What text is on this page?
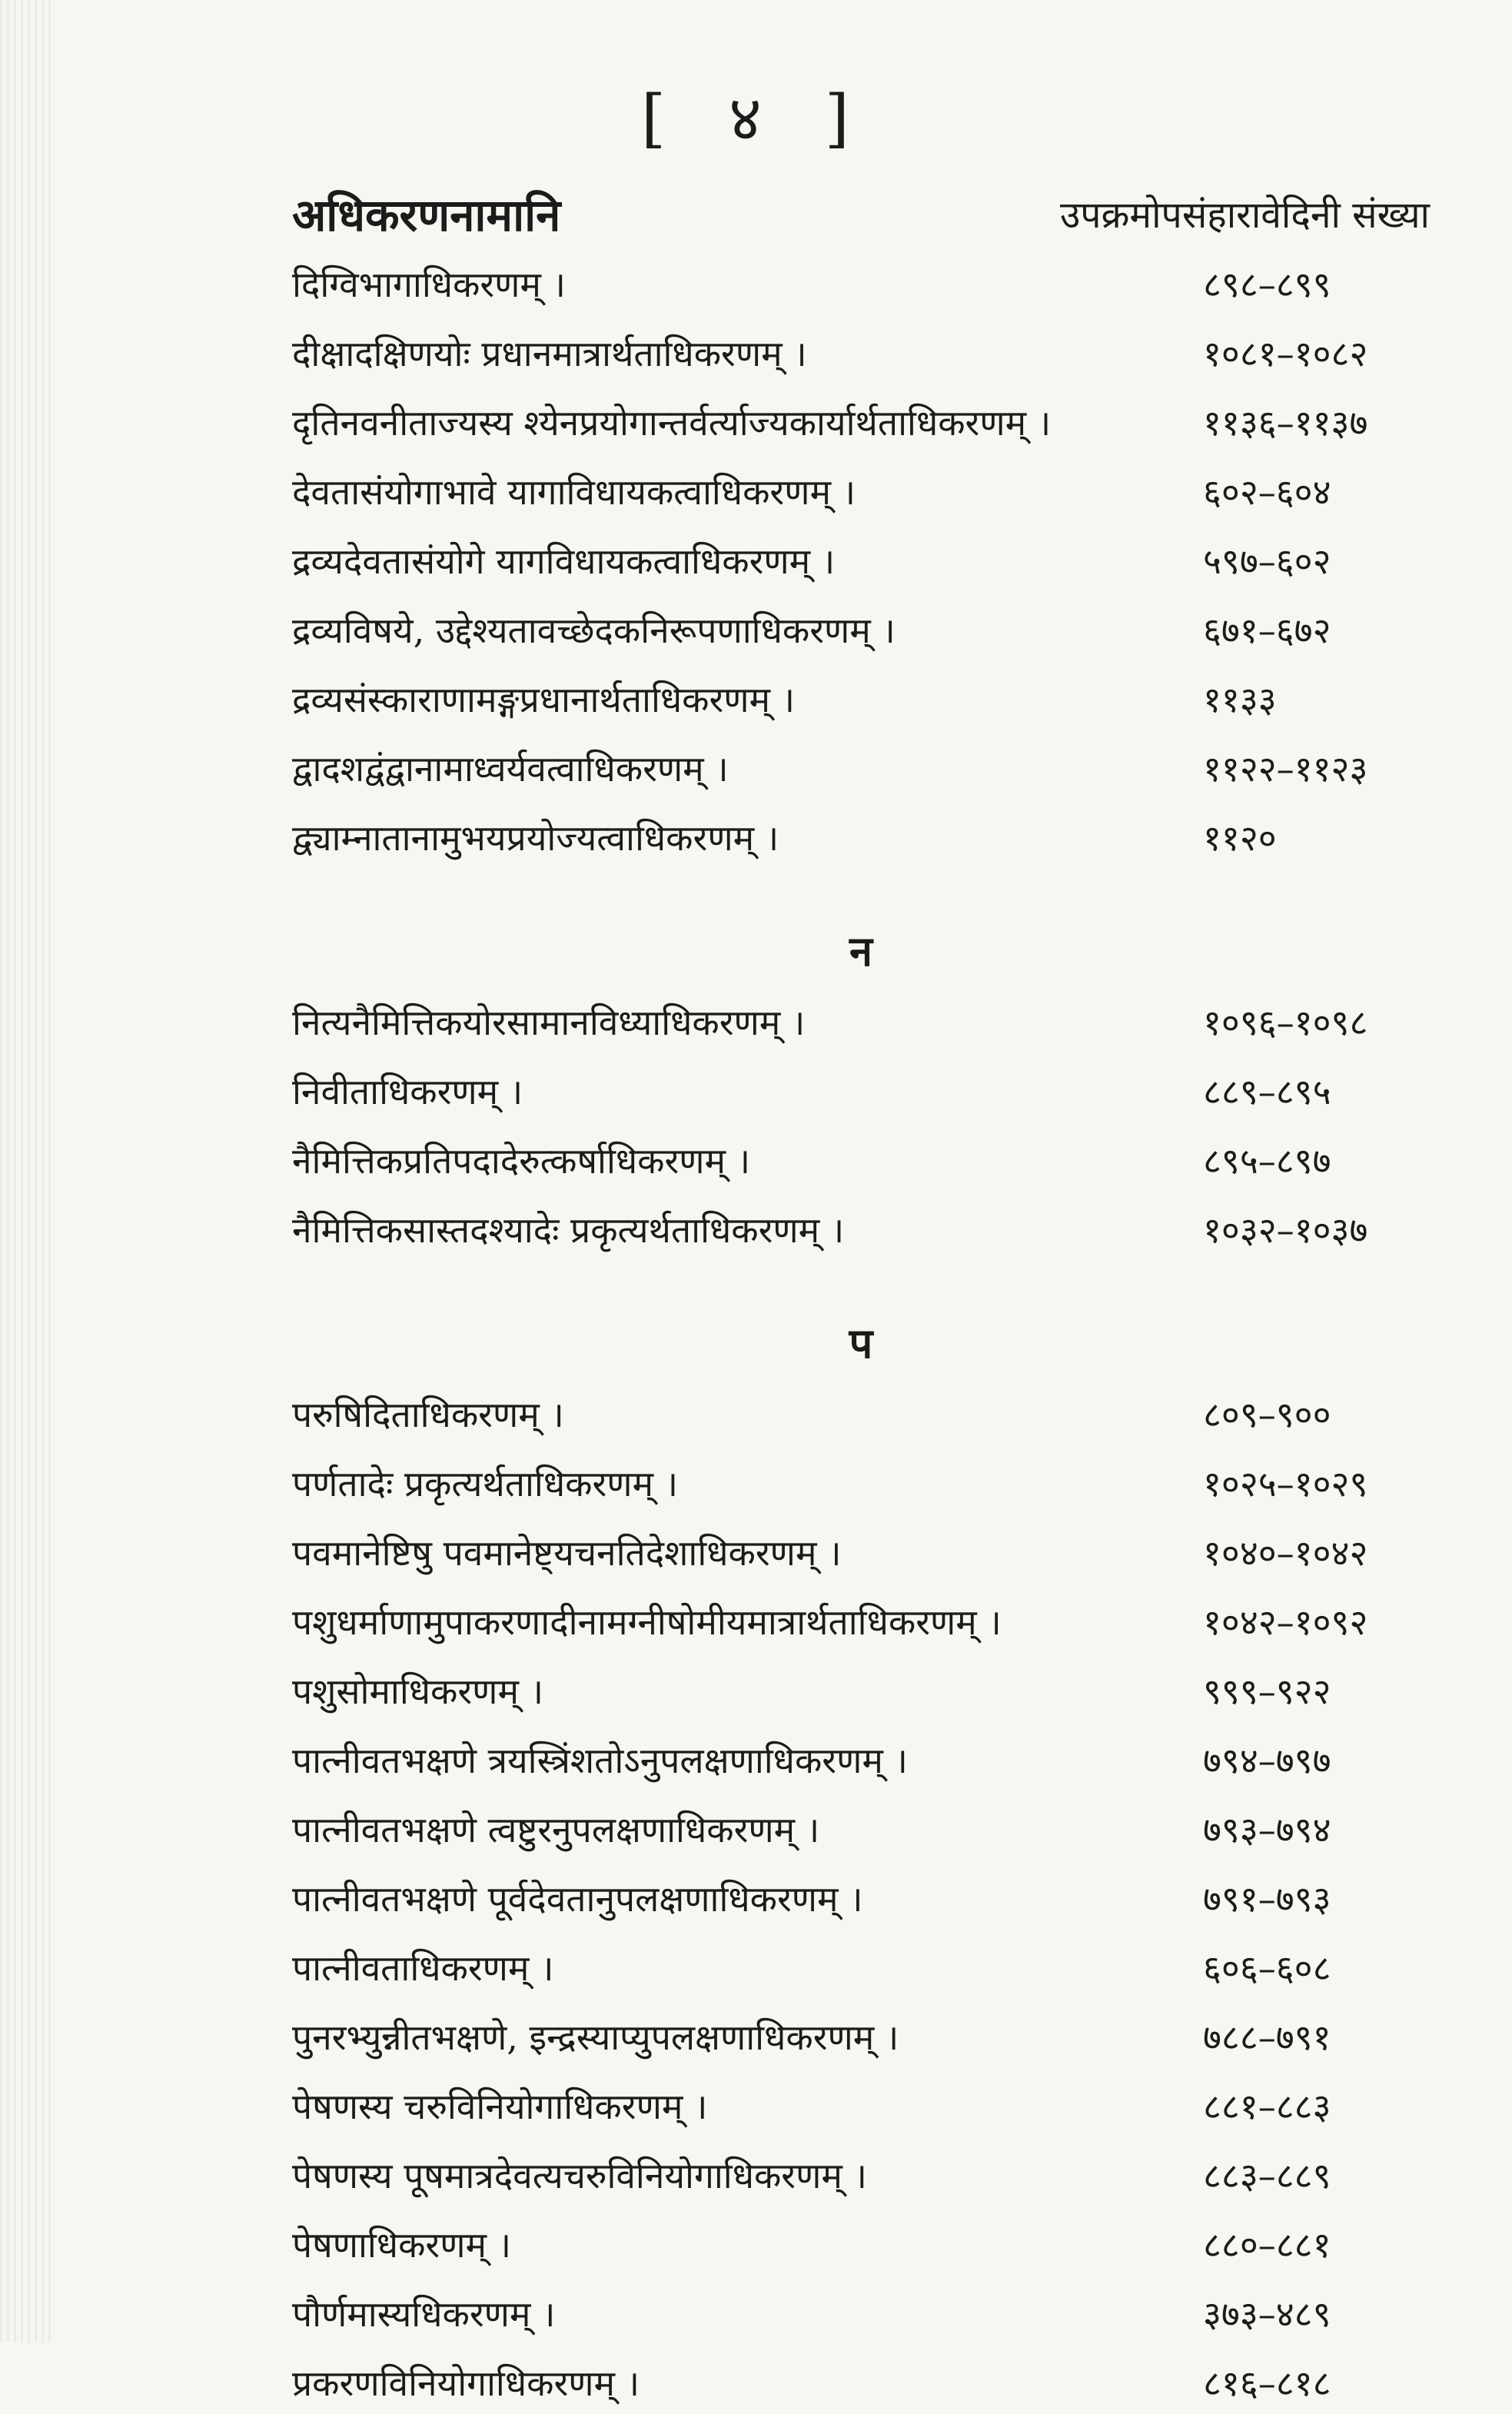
[ ४ ]
अधिकरणनामानि	उपक्रमोपसंहारावेदिनी संख्या
दिग्विभागाधिकरणम् ।	८९८–८९९
दीक्षादक्षिणयोः प्रधानमात्रार्थताधिकरणम् ।	१०८१–१०८२
दृतिनवनीताज्यस्य श्येनप्रयोगान्तर्वर्त्याज्यकार्यार्थताधिकरणम् ।	११३६–११३७
देवतासंयोगाभावे यागाविधायकत्वाधिकरणम् ।	६०२–६०४
द्रव्यदेवतासंयोगे यागविधायकत्वाधिकरणम् ।	५९७–६०२
द्रव्यविषये, उद्देश्यतावच्छेदकनिरूपणाधिकरणम् ।	६७१–६७२
द्रव्यसंस्काराणामङ्गप्रधानार्थताधिकरणम् ।	११३३
द्वादशद्वंद्वानामाध्वर्यवत्वाधिकरणम् ।	११२२–११२३
द्व्याम्नातानामुभयप्रयोज्यत्वाधिकरणम् ।	११२०
न
नित्यनैमित्तिकयोरसामानविध्याधिकरणम् ।	१०९६–१०९८
निवीताधिकरणम् ।	८८९–८९५
नैमित्तिकप्रतिपदादेरुत्कर्षाधिकरणम् ।	८९५–८९७
नैमित्तिकसास्तदश्यादेः प्रकृत्यर्थताधिकरणम् ।	१०३२–१०३७
प
परुषिदिताधिकरणम् ।	८०९–९००
पर्णतादेः प्रकृत्यर्थताधिकरणम् ।	१०२५–१०२९
पवमानेष्टिषु पवमानेष्ट्यचनतिदेशाधिकरणम् ।	१०४०–१०४२
पशुधर्माणामुपाकरणादीनामग्नीषोमीयमात्रार्थताधिकरणम् ।	१०४२–१०९२
पशुसोमाधिकरणम् ।	९९९–९२२
पात्नीवतभक्षणे त्रयस्त्रिंशतोऽनुपलक्षणाधिकरणम् ।	७९४–७९७
पात्नीवतभक्षणे त्वष्टुरनुपलक्षणाधिकरणम् ।	७९३–७९४
पात्नीवतभक्षणे पूर्वदेवतानुपलक्षणाधिकरणम् ।	७९१–७९३
पात्नीवताधिकरणम् ।	६०६–६०८
पुनरभ्युन्नीतभक्षणे, इन्द्रस्याप्युपलक्षणाधिकरणम् ।	७८८–७९१
पेषणस्य चरुविनियोगाधिकरणम् ।	८८१–८८३
पेषणस्य पूषमात्रदेवत्यचरुविनियोगाधिकरणम् ।	८८३–८८९
पेषणाधिकरणम् ।	८८०–८८१
पौर्णमास्यधिकरणम् ।	३७३–४८९
प्रकरणविनियोगाधिकरणम् ।	८१६–८१८
